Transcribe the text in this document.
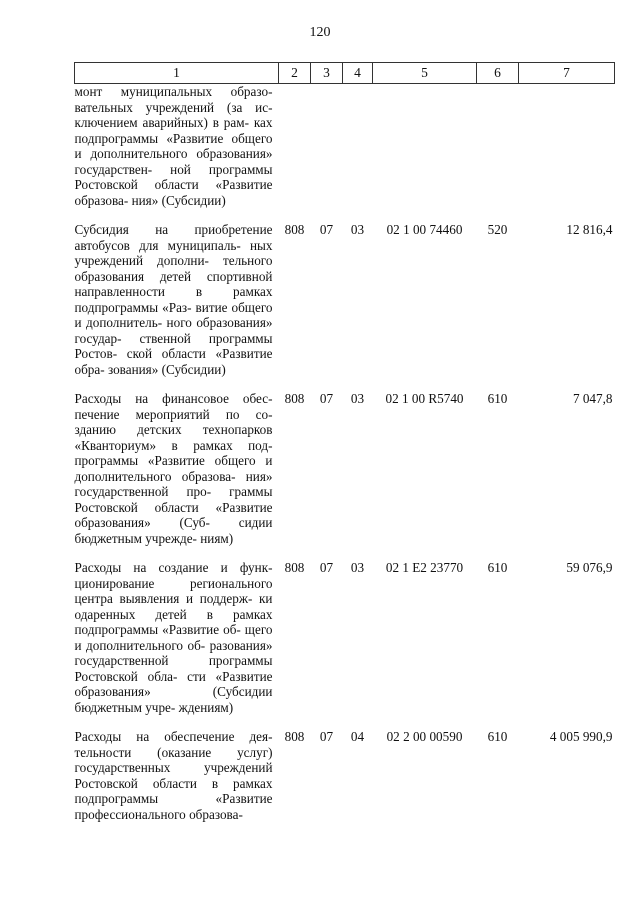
120
1	2	3	4	5	6	7
монт муниципальных образо- вательных учреждений (за ис- ключением аварийных) в рам- ках подпрограммы «Развитие общего и дополнительного образования» государствен- ной программы Ростовской области «Развитие образова- ния» (Субсидии)						
Субсидия на приобретение автобусов для муниципаль- ных учреждений дополни- тельного образования детей спортивной направленности в рамках подпрограммы «Раз- витие общего и дополнитель- ного образования» государ- ственной программы Ростов- ской области «Развитие обра- зования» (Субсидии)	808	07	03	02 1 00 74460	520	12 816,4
Расходы на финансовое обес- печение мероприятий по со- зданию детских технопарков «Кванториум» в рамках под- программы «Развитие общего и дополнительного образова- ния» государственной про- граммы Ростовской области «Развитие образования» (Суб- сидии бюджетным учрежде- ниям)	808	07	03	02 1 00 R5740	610	7 047,8
Расходы на создание и функ- ционирование регионального центра выявления и поддерж- ки одаренных детей в рамках подпрограммы «Развитие об- щего и дополнительного об- разования» государственной программы Ростовской обла- сти «Развитие образования» (Субсидии бюджетным учре- ждениям)	808	07	03	02 1 E2 23770	610	59 076,9
Расходы на обеспечение дея- тельности (оказание услуг) государственных учреждений Ростовской области в рамках подпрограммы «Развитие профессионального образова-	808	07	04	02 2 00 00590	610	4 005 990,9
